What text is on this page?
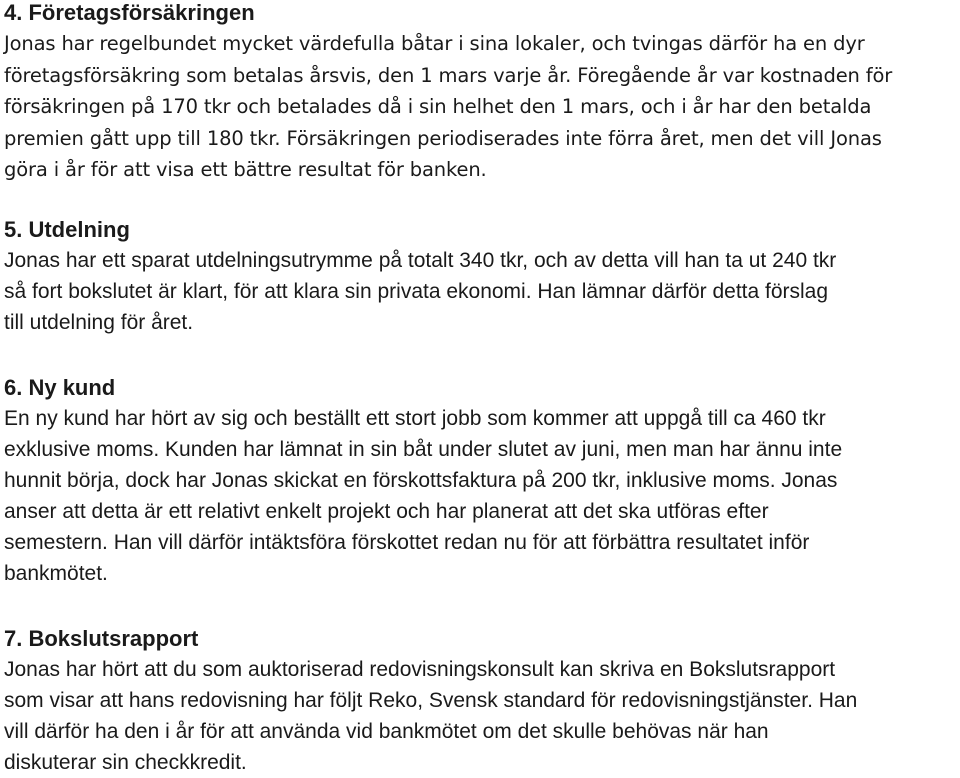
4. Företagsförsäkringen

Jonas har regelbundet mycket värdefulla båtar i sina lokaler, och tvingas därför ha en dyr
företagsförsäkring som betalas årsvis, den 1 mars varje år. Föregående år var kostnaden för
försäkringen på 170 tkr och betalades då i sin helhet den 1 mars, och i år har den betalda
premien gått upp till 180 tkr. Försäkringen periodiserades inte förra året, men det vill Jonas
göra i år för att visa ett bättre resultat för banken.

5. Utdelning

Jonas har ett sparat utdelningsutrymme på totalt 340 tkr, och av detta vill han ta ut 240 tkr
så fort bokslutet är klart, för att klara sin privata ekonomi. Han lämnar därför detta förslag
till utdelning för året.

6. Ny kund

En ny kund har hört av sig och beställt ett stort jobb som kommer att uppgå till ca 460 tkr
exklusive moms. Kunden har lämnat in sin båt under slutet av juni, men man har ännu inte
hunnit börja, dock har Jonas skickat en förskottsfaktura på 200 tkr, inklusive moms. Jonas
anser att detta är ett relativt enkelt projekt och har planerat att det ska utföras efter
semestern. Han vill därför intäktsföra förskottet redan nu för att förbättra resultatet inför
bankmötet.

7. Bokslutsrapport

Jonas har hört att du som auktoriserad redovisningskonsult kan skriva en Bokslutsrapport
som visar att hans redovisning har följt Reko, Svensk standard för redovisningstjänster. Han
vill därför ha den i år för att använda vid bankmötet om det skulle behövas när han
diskuterar sin checkkredit.
